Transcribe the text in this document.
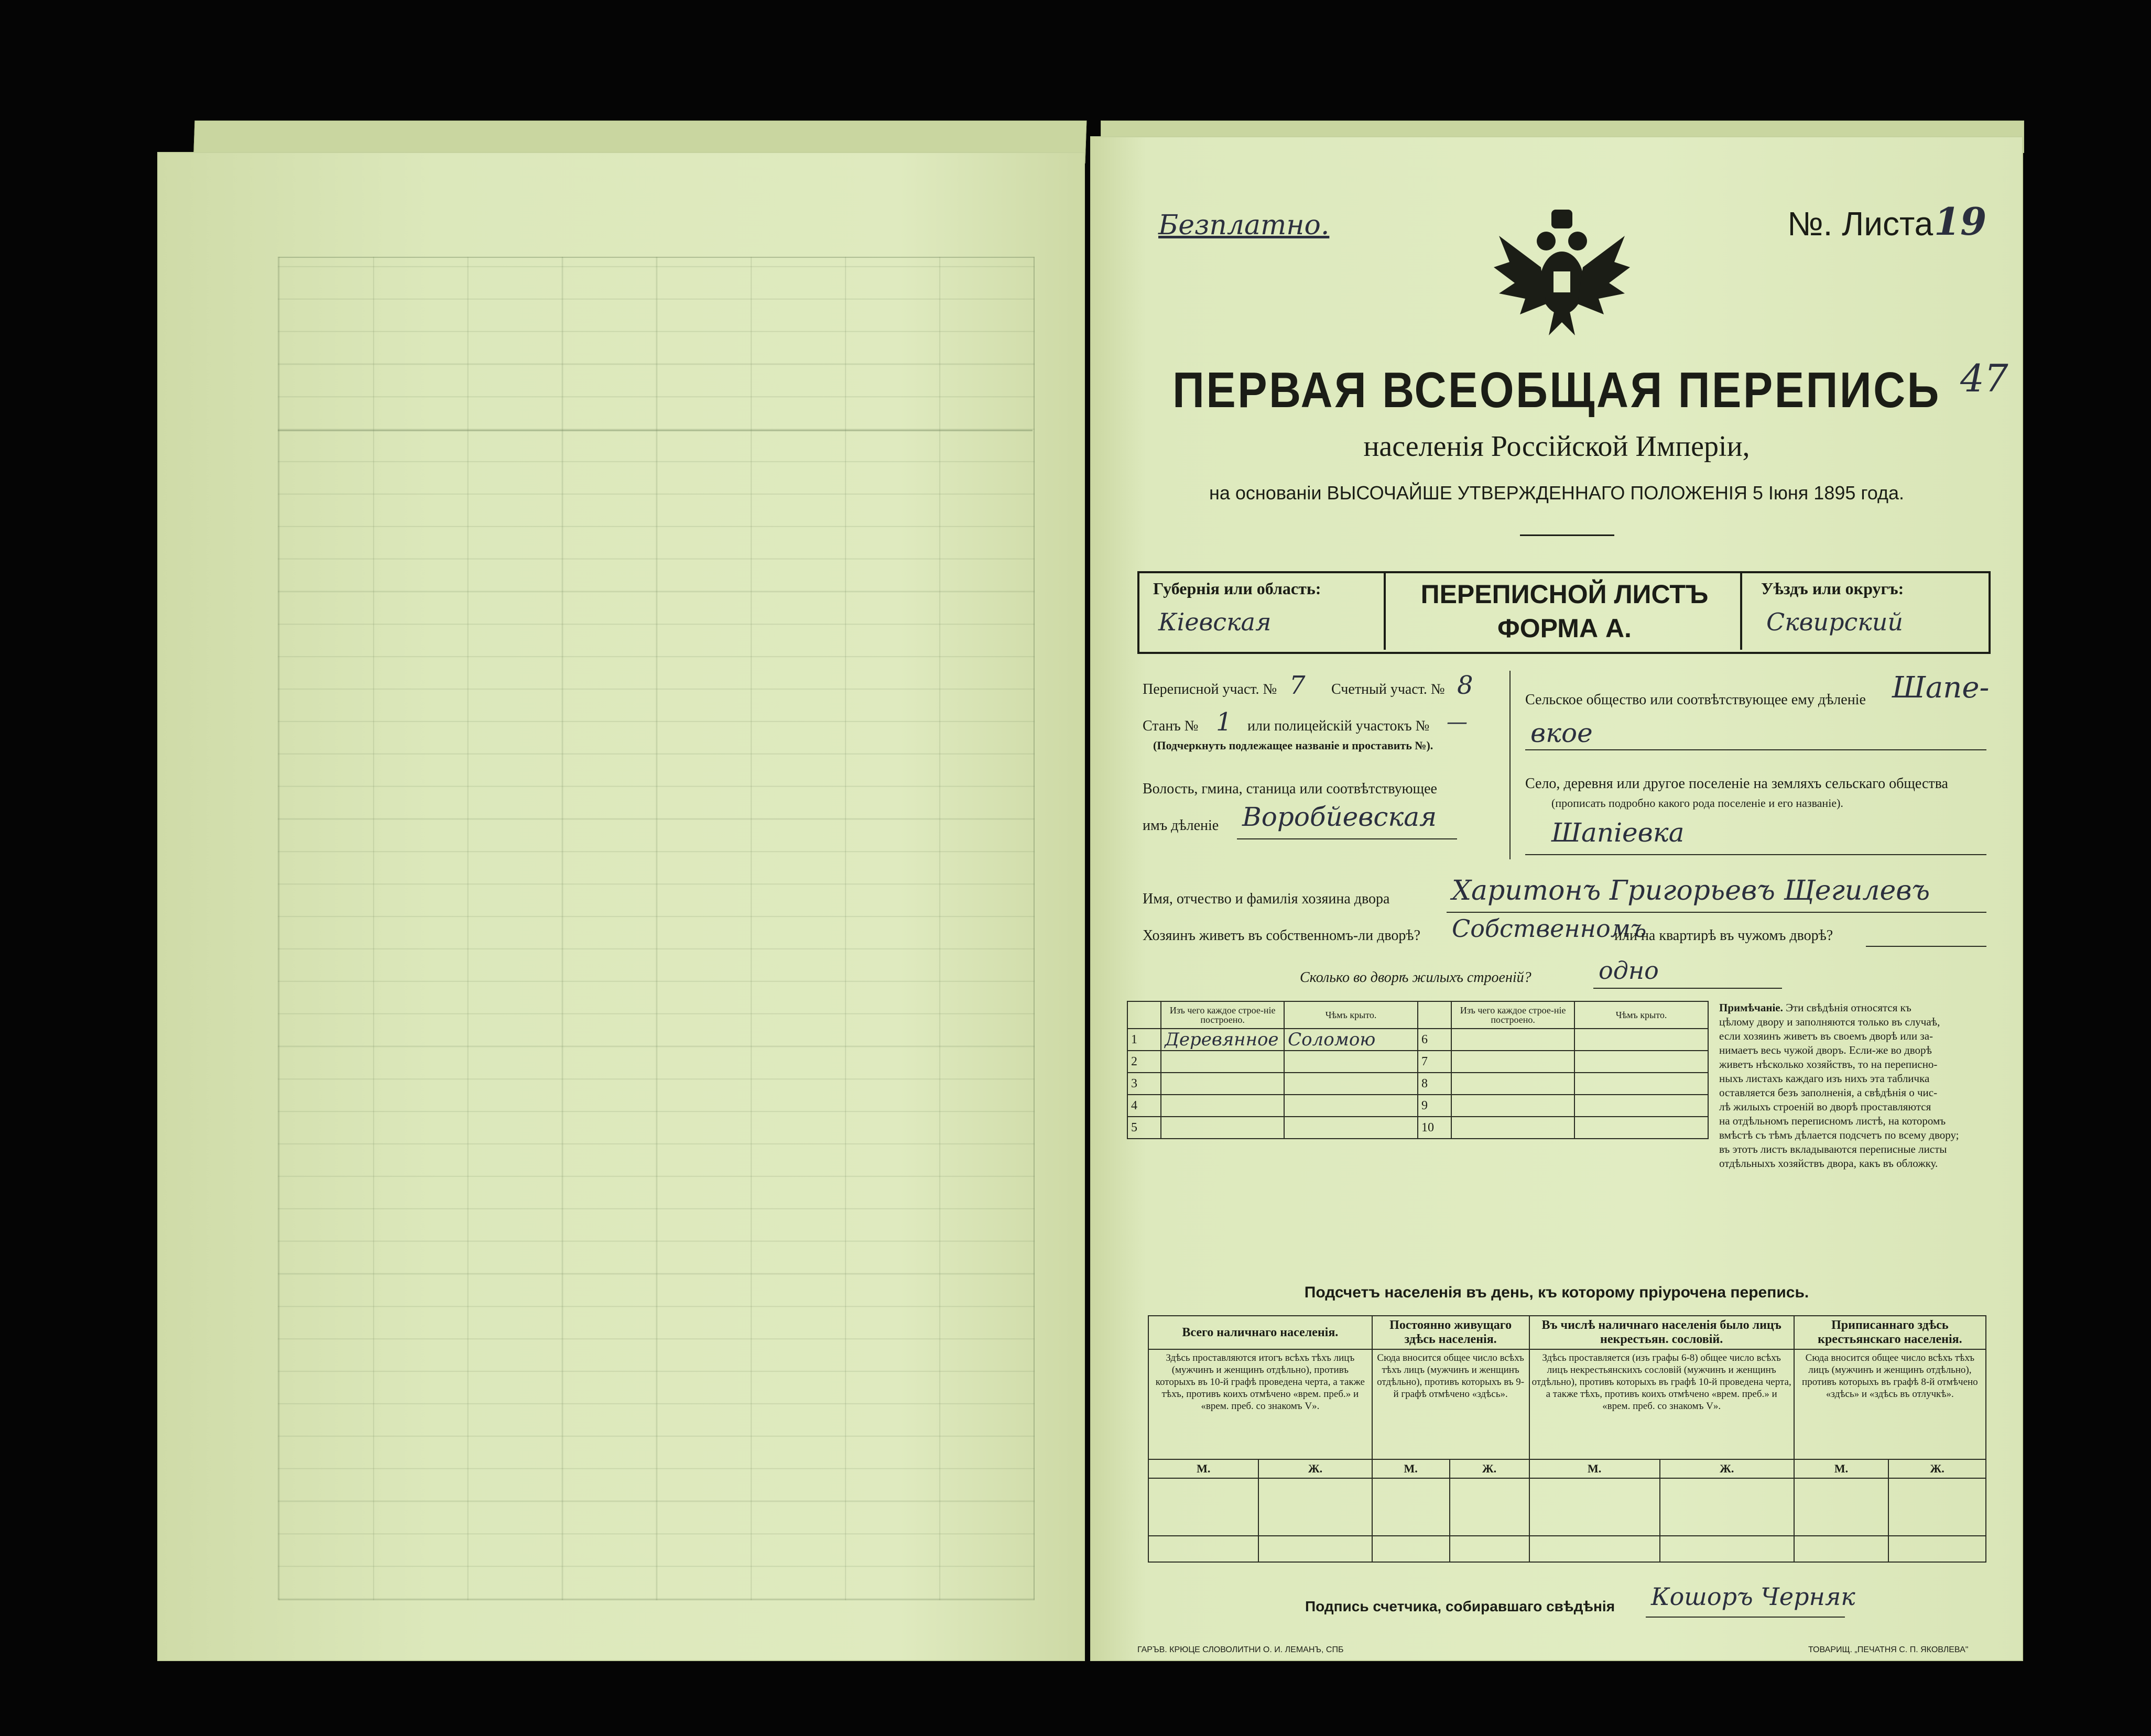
Безплатно.	№. Листа 19
47
ПЕРВАЯ ВСЕОБЩАЯ ПЕРЕПИСЬ
населенія Россійской Имперіи,
на основаніи ВЫСОЧАЙШЕ УТВЕРЖДЕННАГО ПОЛОЖЕНІЯ 5 Іюня 1895 года.
Губернія или область:
Кіевская
ПЕРЕПИСНОЙ ЛИСТЪ
ФОРМА А.
Уѣздъ или округъ:
Сквирский
Переписной участ. № 7 Счетный участ. № 8
Станъ № 1 или полицейскій участокъ № —
(Подчеркнуть подлежащее названіе и проставить №).
Волость, гмина, станица или соотвѣтствующее
имъ дѣленіе Воробйевская
Сельское общество или соотвѣтствующее ему дѣленіе Шапе-
вкое
Село, деревня или другое поселеніе на земляхъ сельскаго общества
(прописать подробно какого рода поселеніе и его названіе).
Шапіевка
Имя, отчество и фамилія хозяина двора Харитонъ Григорьевъ Щегилевъ
Хозяинъ живетъ въ собственномъ-ли дворѣ? Собственномъ
или на квартирѣ въ чужомъ дворѣ?
Сколько во дворѣ жилыхъ строеній?	одно
	Изъ чего каждое строе-ніе построено.	Чѣмъ крыто.		Изъ чего каждое строе-ніе построено.	Чѣмъ крыто.
1	Деревянное	Соломою	6		
2			7		
3			8		
4			9		
5			10		
Примѣчаніе. Эти свѣдѣнія относятся къ
цѣлому двору и заполняются только въ случаѣ,
если хозяинъ живетъ въ своемъ дворѣ или за-
нимаетъ весь чужой дворъ. Если-же во дворѣ
живетъ нѣсколько хозяйствъ, то на переписно-
ныхъ листахъ каждаго изъ нихъ эта табличка
оставляется безъ заполненія, а свѣдѣнія о чис-
лѣ жилыхъ строеній во дворѣ проставляются
на отдѣльномъ переписномъ листѣ, на которомъ
вмѣстѣ съ тѣмъ дѣлается подсчетъ по всему двору;
въ этотъ листъ вкладываются переписные листы
отдѣльныхъ хозяйствъ двора, какъ въ обложку.
Подсчетъ населенія въ день, къ которому пріурочена перепись.
Всего наличнаго населенія.		Постоянно живущаго здѣсь населенія.		Въ числѣ наличнаго населенія было лицъ некрестьян. сословій.		Приписаннаго здѣсь крестьянскаго населенія.	
Здѣсь проставляются итогъ всѣхъ тѣхъ лицъ (мужчинъ и женщинъ отдѣльно), противъ которыхъ въ 10-й графѣ проведена черта, а также тѣхъ, противъ коихъ отмѣчено «врем. преб.» и «врем. преб. со знакомъ V».		Сюда вносится общее число всѣхъ тѣхъ лицъ (мужчинъ и женщинъ отдѣльно), противъ которыхъ въ 9-й графѣ отмѣчено «здѣсь».		Здѣсь проставляется (изъ графы 6-8) общее число всѣхъ лицъ некрестьянскихъ сословій (мужчинъ и женщинъ отдѣльно), противъ которыхъ въ графѣ 10-й проведена черта, а также тѣхъ, противъ коихъ отмѣчено «врем. преб.» и «врем. преб. со знакомъ V».		Сюда вносится общее число всѣхъ тѣхъ лицъ (мужчинъ и женщинъ отдѣльно), противъ которыхъ въ графѣ 8-й отмѣчено «здѣсь» и «здѣсь въ отлучкѣ».	
М.	Ж.	М.	Ж.	М.	Ж.	М.	Ж.

Подпись счетчика, собиравшаго свѣдѣнія Кошоръ Черняк
ГАРЪВ. КРЮЦЕ СЛОВОЛИТНИ О. И. ЛЕМАНЪ, СПБ	ТОВАРИЩ. „ПЕЧАТНЯ С. П. ЯКОВЛЕВА"
